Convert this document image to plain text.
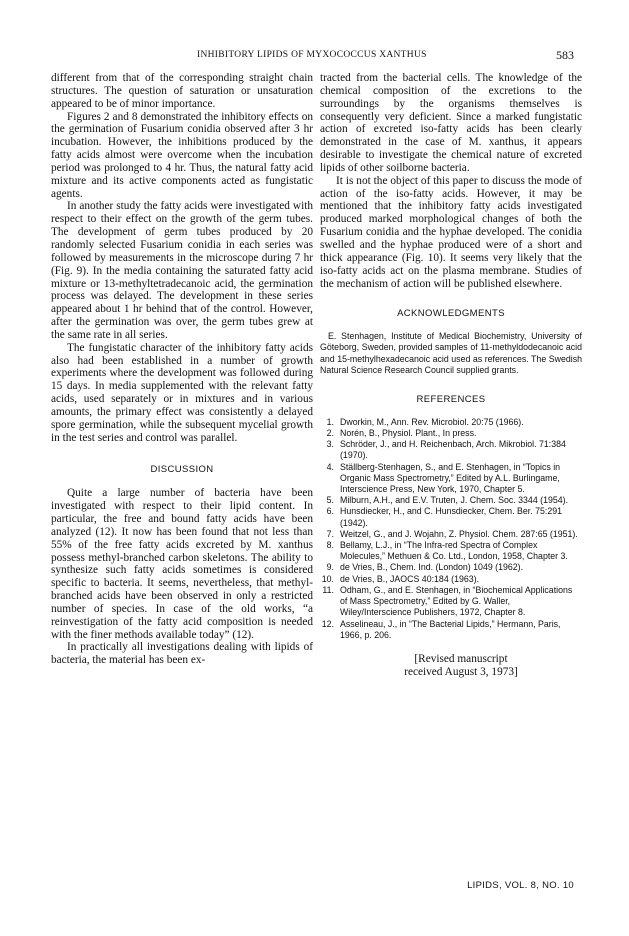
INHIBITORY LIPIDS OF MYXOCOCCUS XANTHUS	583

different from that of the corresponding straight chain structures. The question of saturation or unsaturation appeared to be of minor importance.

Figures 2 and 8 demonstrated the inhibitory effects on the germination of Fusarium conidia observed after 3 hr incubation. However, the inhibitions produced by the fatty acids almost were overcome when the incubation period was prolonged to 4 hr. Thus, the natural fatty acid mixture and its active components acted as fungistatic agents.

In another study the fatty acids were investigated with respect to their effect on the growth of the germ tubes. The development of germ tubes produced by 20 randomly selected Fusarium conidia in each series was followed by measurements in the microscope during 7 hr (Fig. 9). In the media containing the saturated fatty acid mixture or 13-methyltetradecanoic acid, the germination process was delayed. The development in these series appeared about 1 hr behind that of the control. However, after the germination was over, the germ tubes grew at the same rate in all series.

The fungistatic character of the inhibitory fatty acids also had been established in a number of growth experiments where the development was followed during 15 days. In media supplemented with the relevant fatty acids, used separately or in mixtures and in various amounts, the primary effect was consistently a delayed spore germination, while the subsequent mycelial growth in the test series and control was parallel.

DISCUSSION

Quite a large number of bacteria have been investigated with respect to their lipid content. In particular, the free and bound fatty acids have been analyzed (12). It now has been found that not less than 55% of the free fatty acids excreted by M. xanthus possess methyl-branched carbon skeletons. The ability to synthesize such fatty acids sometimes is considered specific to bacteria. It seems, nevertheless, that methyl-branched acids have been observed in only a restricted number of species. In case of the old works, “a reinvestigation of the fatty acid composition is needed with the finer methods available today” (12).

In practically all investigations dealing with lipids of bacteria, the material has been ex-

tracted from the bacterial cells. The knowledge of the chemical composition of the excretions to the surroundings by the organisms themselves is consequently very deficient. Since a marked fungistatic action of excreted iso-fatty acids has been clearly demonstrated in the case of M. xanthus, it appears desirable to investigate the chemical nature of excreted lipids of other soilborne bacteria.

It is not the object of this paper to discuss the mode of action of the iso-fatty acids. However, it may be mentioned that the inhibitory fatty acids investigated produced marked morphological changes of both the Fusarium conidia and the hyphae developed. The conidia swelled and the hyphae produced were of a short and thick appearance (Fig. 10). It seems very likely that the iso-fatty acids act on the plasma membrane. Studies of the mechanism of action will be published elsewhere.

ACKNOWLEDGMENTS

E. Stenhagen, Institute of Medical Biochemistry, University of Göteborg, Sweden, provided samples of 11-methyldodecanoic acid and 15-methylhexadecanoic acid used as references. The Swedish Natural Science Research Council supplied grants.

REFERENCES
1. Dworkin, M., Ann. Rev. Microbiol. 20:75 (1966).
2. Norén, B., Physiol. Plant., In press.
3. Schröder, J., and H. Reichenbach, Arch. Mikrobiol. 71:384 (1970).
4. Ställberg-Stenhagen, S., and E. Stenhagen, in “Topics in Organic Mass Spectrometry,” Edited by A.L. Burlingame, Interscience Press, New York, 1970, Chapter 5.
5. Milburn, A.H., and E.V. Truten, J. Chem. Soc. 3344 (1954).
6. Hunsdiecker, H., and C. Hunsdiecker, Chem. Ber. 75:291 (1942).
7. Weitzel, G., and J. Wojahn, Z. Physiol. Chem. 287:65 (1951).
8. Bellamy, L.J., in “The Infra-red Spectra of Complex Molecules,” Methuen & Co. Ltd., London, 1958, Chapter 3.
9. de Vries, B., Chem. Ind. (London) 1049 (1962).
10. de Vries, B., JAOCS 40:184 (1963).
11. Odham, G., and E. Stenhagen, in “Biochemical Applications of Mass Spectrometry,” Edited by G. Waller, Wiley/Interscience Publishers, 1972, Chapter 8.
12. Asselineau, J., in “The Bacterial Lipids,” Hermann, Paris, 1966, p. 206.
[Revised manuscript
received August 3, 1973]
LIPIDS, VOL. 8, NO. 10
